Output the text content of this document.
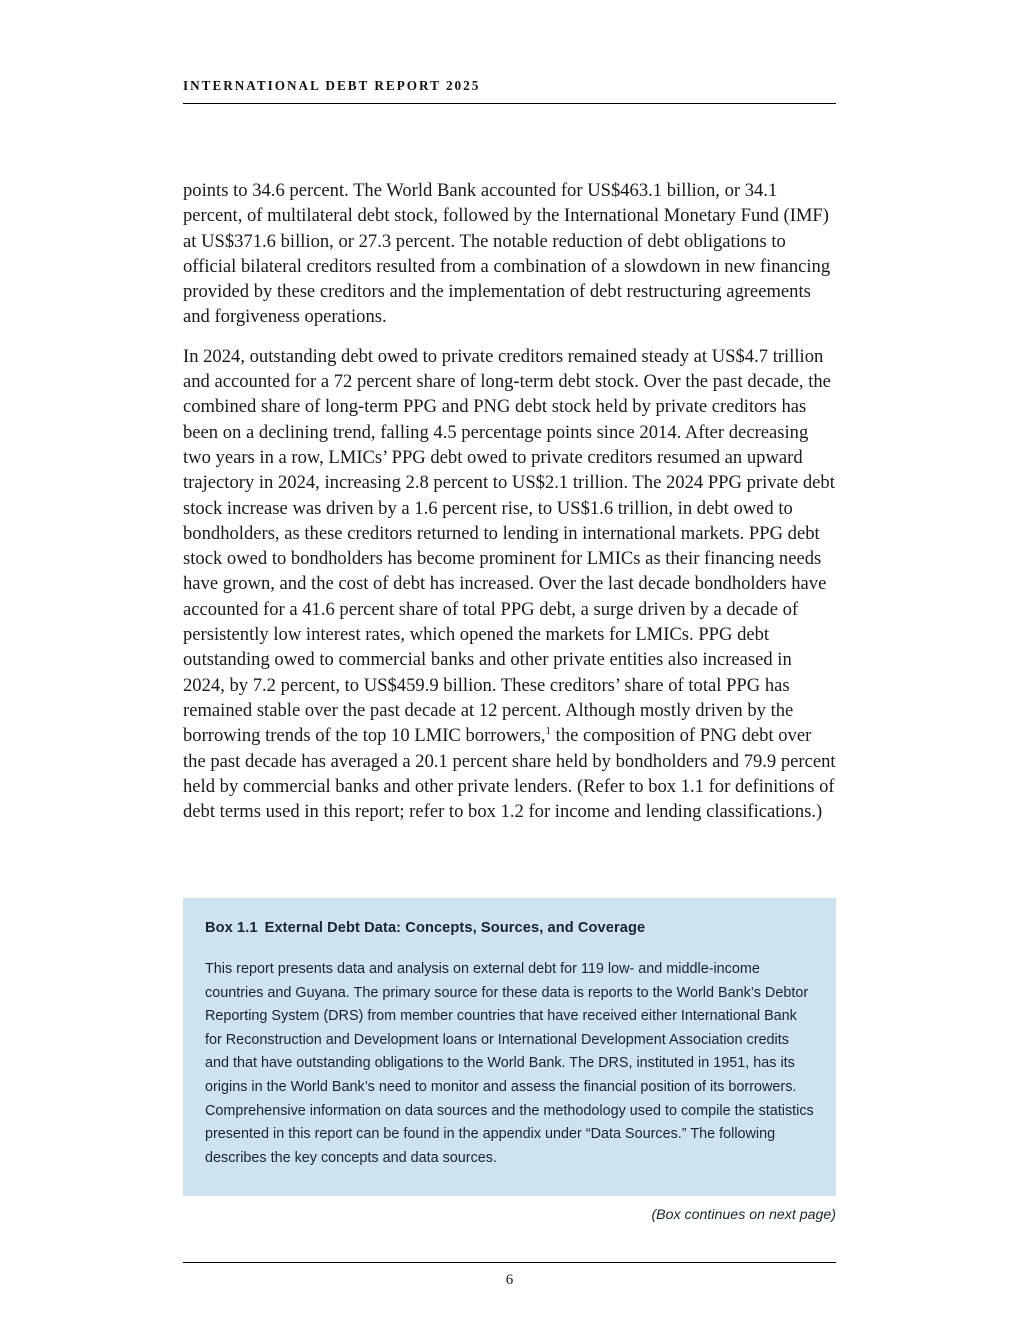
INTERNATIONAL DEBT REPORT 2025

points to 34.6 percent. The World Bank accounted for US$463.1 billion, or 34.1 percent, of multilateral debt stock, followed by the International Monetary Fund (IMF) at US$371.6 billion, or 27.3 percent. The notable reduction of debt obligations to official bilateral creditors resulted from a combination of a slowdown in new financing provided by these creditors and the implementation of debt restructuring agreements and forgiveness operations.

In 2024, outstanding debt owed to private creditors remained steady at US$4.7 trillion and accounted for a 72 percent share of long-term debt stock. Over the past decade, the combined share of long-term PPG and PNG debt stock held by private creditors has been on a declining trend, falling 4.5 percentage points since 2014. After decreasing two years in a row, LMICs’ PPG debt owed to private creditors resumed an upward trajectory in 2024, increasing 2.8 percent to US$2.1 trillion. The 2024 PPG private debt stock increase was driven by a 1.6 percent rise, to US$1.6 trillion, in debt owed to bondholders, as these creditors returned to lending in international markets. PPG debt stock owed to bondholders has become prominent for LMICs as their financing needs have grown, and the cost of debt has increased. Over the last decade bondholders have accounted for a 41.6 percent share of total PPG debt, a surge driven by a decade of persistently low interest rates, which opened the markets for LMICs. PPG debt outstanding owed to commercial banks and other private entities also increased in 2024, by 7.2 percent, to US$459.9 billion. These creditors’ share of total PPG has remained stable over the past decade at 12 percent. Although mostly driven by the borrowing trends of the top 10 LMIC borrowers,$^1$ the composition of PNG debt over the past decade has averaged a 20.1 percent share held by bondholders and 79.9 percent held by commercial banks and other private lenders. (Refer to box 1.1 for definitions of debt terms used in this report; refer to box 1.2 for income and lending classifications.)

Box 1.1 External Debt Data: Concepts, Sources, and Coverage

This report presents data and analysis on external debt for 119 low- and middle-income countries and Guyana. The primary source for these data is reports to the World Bank’s Debtor Reporting System (DRS) from member countries that have received either International Bank for Reconstruction and Development loans or International Development Association credits and that have outstanding obligations to the World Bank. The DRS, instituted in 1951, has its origins in the World Bank’s need to monitor and assess the financial position of its borrowers. Comprehensive information on data sources and the methodology used to compile the statistics presented in this report can be found in the appendix under “Data Sources.” The following describes the key concepts and data sources.

(Box continues on next page)
6
